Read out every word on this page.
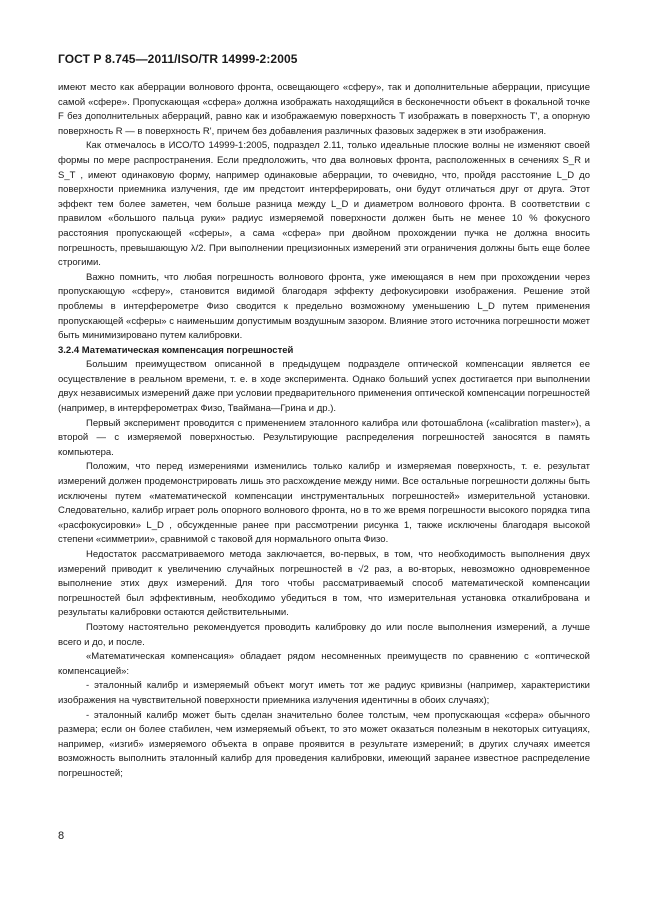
ГОСТ Р 8.745—2011/ISO/TR 14999-2:2005

имеют место как аберрации волнового фронта, освещающего «сферу», так и дополнительные аберрации, присущие самой «сфере». Пропускающая «сфера» должна изображать находящийся в бесконечности объект в фокальной точке F без дополнительных аберраций, равно как и изображаемую поверхность T изображать в поверхность T', а опорную поверхность R — в поверхность R', причем без добавления различных фазовых задержек в эти изображения.

Как отмечалось в ИСО/ТО 14999-1:2005, подраздел 2.11, только идеальные плоские волны не изменяют своей формы по мере распространения. Если предположить, что два волновых фронта, расположенных в сечениях S_R и S_T , имеют одинаковую форму, например одинаковые аберрации, то очевидно, что, пройдя расстояние L_D до поверхности приемника излучения, где им предстоит интерферировать, они будут отличаться друг от друга. Этот эффект тем более заметен, чем больше разница между L_D и диаметром волнового фронта. В соответствии с правилом «большого пальца руки» радиус измеряемой поверхности должен быть не менее 10 % фокусного расстояния пропускающей «сферы», а сама «сфера» при двойном прохождении пучка не должна вносить погрешность, превышающую λ/2. При выполнении прецизионных измерений эти ограничения должны быть еще более строгими.

Важно помнить, что любая погрешность волнового фронта, уже имеющаяся в нем при прохождении через пропускающую «сферу», становится видимой благодаря эффекту дефокусировки изображения. Решение этой проблемы в интерферометре Физо сводится к предельно возможному уменьшению L_D путем применения пропускающей «сферы» с наименьшим допустимым воздушным зазором. Влияние этого источника погрешности может быть минимизировано путем калибровки.

3.2.4 Математическая компенсация погрешностей

Большим преимуществом описанной в предыдущем подразделе оптической компенсации является ее осуществление в реальном времени, т. е. в ходе эксперимента. Однако больший успех достигается при выполнении двух независимых измерений даже при условии предварительного применения оптической компенсации погрешностей (например, в интерферометрах Физо, Тваймана—Грина и др.).

Первый эксперимент проводится с применением эталонного калибра или фотошаблона («calibration master»), а второй — с измеряемой поверхностью. Результирующие распределения погрешностей заносятся в память компьютера.

Положим, что перед измерениями изменились только калибр и измеряемая поверхность, т. е. результат измерений должен продемонстрировать лишь это расхождение между ними. Все остальные погрешности должны быть исключены путем «математической компенсации инструментальных погрешностей» измерительной установки. Следовательно, калибр играет роль опорного волнового фронта, но в то же время погрешности высокого порядка типа «расфокусировки» L_D , обсужденные ранее при рассмотрении рисунка 1, также исключены благодаря высокой степени «симметрии», сравнимой с таковой для нормального опыта Физо.

Недостаток рассматриваемого метода заключается, во-первых, в том, что необходимость выполнения двух измерений приводит к увеличению случайных погрешностей в √2 раз, а во-вторых, невозможно одновременное выполнение этих двух измерений. Для того чтобы рассматриваемый способ математической компенсации погрешностей был эффективным, необходимо убедиться в том, что измерительная установка откалибрована и результаты калибровки остаются действительными.

Поэтому настоятельно рекомендуется проводить калибровку до или после выполнения измерений, а лучше всего и до, и после.

«Математическая компенсация» обладает рядом несомненных преимуществ по сравнению с «оптической компенсацией»:

- эталонный калибр и измеряемый объект могут иметь тот же радиус кривизны (например, характеристики изображения на чувствительной поверхности приемника излучения идентичны в обоих случаях);

- эталонный калибр может быть сделан значительно более толстым, чем пропускающая «сфера» обычного размера; если он более стабилен, чем измеряемый объект, то это может оказаться полезным в некоторых ситуациях, например, «изгиб» измеряемого объекта в оправе проявится в результате измерений; в других случаях имеется возможность выполнить эталонный калибр для проведения калибровки, имеющий заранее известное распределение погрешностей;

8
